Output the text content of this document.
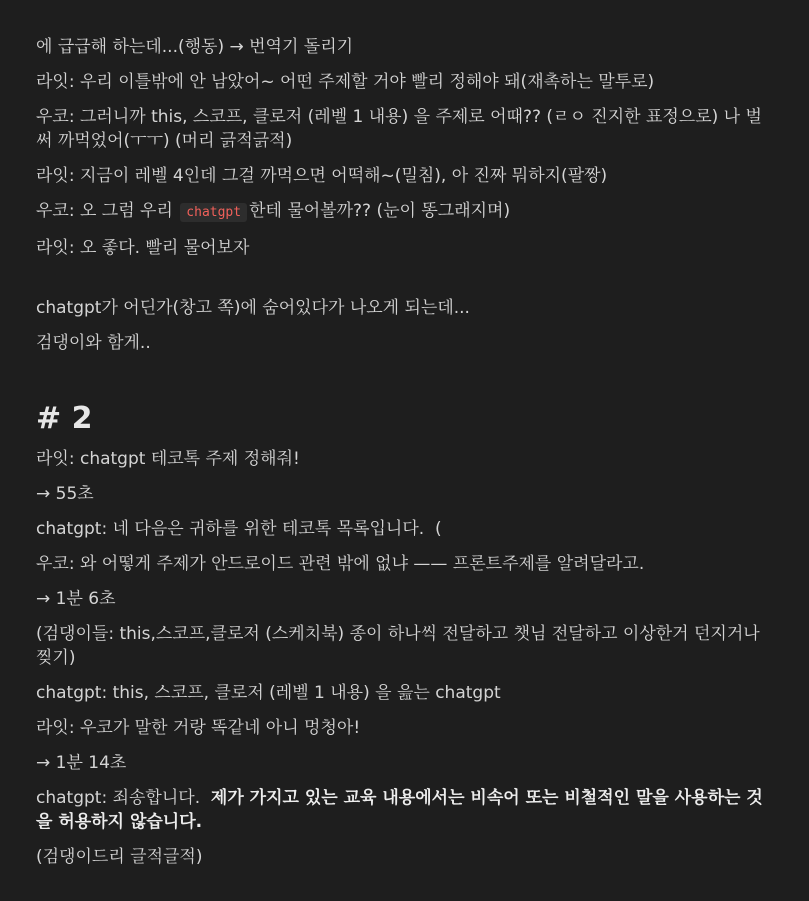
에 급급해 하는데...(행동) → 번역기 돌리기
라잇: 우리 이틀밖에 안 남았어~ 어떤 주제할 거야 빨리 정해야 돼(재촉하는 말투로)
우코: 그러니까 this, 스코프, 클로저 (레벨 1 내용) 을 주제로 어때?? (ㄹㅇ 진지한 표정으로) 나 벌써 까먹었어(ㅜㅜ) (머리 긁적긁적)
라잇: 지금이 레벨 4인데 그걸 까먹으면 어떡해~(밀침), 아 진짜 뭐하지(팔짱)
우코: 오 그럼 우리 chatgpt 한테 물어볼까?? (눈이 똥그래지며)
라잇: 오 좋다. 빨리 물어보자
chatgpt가 어딘가(창고 쪽)에 숨어있다가 나오게 되는데...
검댕이와 함게..
# 2
라잇: chatgpt 테코톡 주제 정해줘!
→ 55초
chatgpt: 네 다음은 귀하를 위한 테코톡 목록입니다.  (
우코: 와 어떻게 주제가 안드로이드 관련 밖에 없냐 —— 프론트주제를 알려달라고.
→ 1분 6초
(검댕이들: this,스코프,클로저 (스케치북) 종이 하나씩 전달하고 챗님 전달하고 이상한거 던지거나 찢기)
chatgpt: this, 스코프, 클로저 (레벨 1 내용) 을 읊는 chatgpt
라잇: 우코가 말한 거랑 똑같네 아니 멍청아!
→ 1분 14초
chatgpt: 죄송합니다.  제가 가지고 있는 교육 내용에서는 비속어 또는 비철적인 말을 사용하는 것을 허용하지 않습니다.
(검댕이드리 글적글적)
